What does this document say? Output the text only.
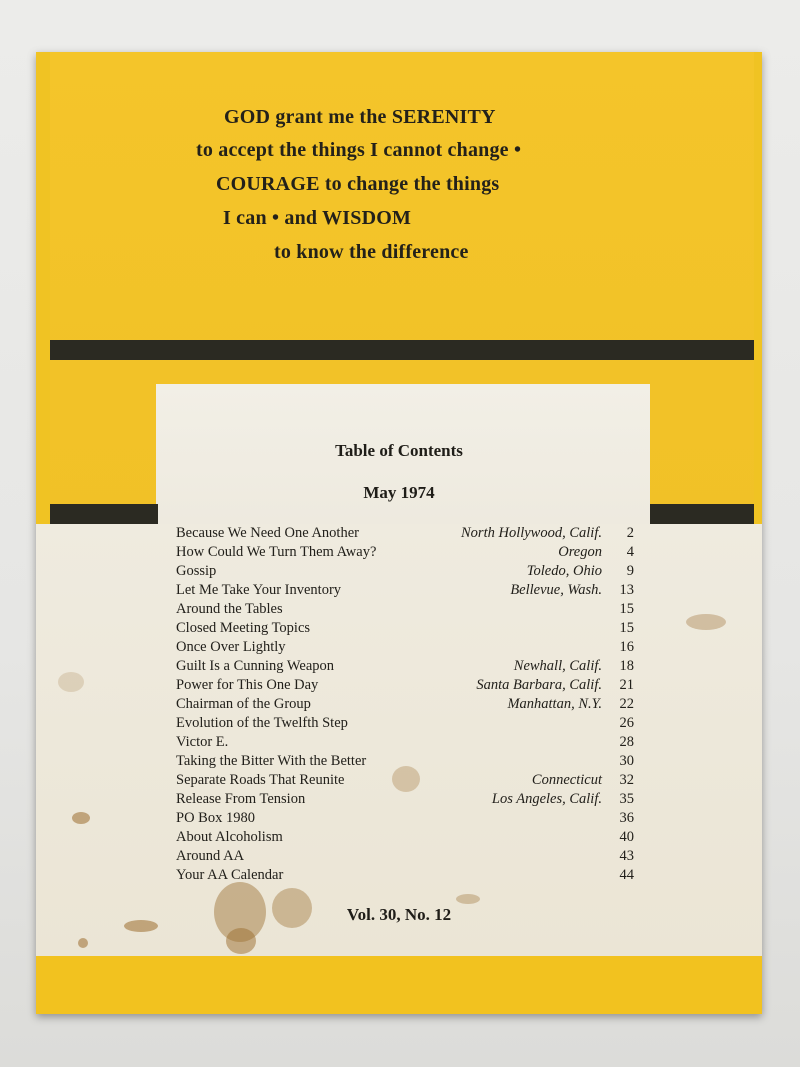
GOD grant me the SERENITY
to accept the things I cannot change •
COURAGE to change the things
I can • and WISDOM
to know the difference
Table of Contents
May 1974
Because We Need One Another	North Hollywood, Calif.	2
How Could We Turn Them Away?	Oregon	4
Gossip	Toledo, Ohio	9
Let Me Take Your Inventory	Bellevue, Wash.	13
Around the Tables	15
Closed Meeting Topics	15
Once Over Lightly	16
Guilt Is a Cunning Weapon	Newhall, Calif.	18
Power for This One Day	Santa Barbara, Calif.	21
Chairman of the Group	Manhattan, N.Y.	22
Evolution of the Twelfth Step	26
Victor E.	28
Taking the Bitter With the Better	30
Separate Roads That Reunite	Connecticut	32
Release From Tension	Los Angeles, Calif.	35
PO Box 1980	36
About Alcoholism	40
Around AA	43
Your AA Calendar	44
Vol. 30, No. 12
